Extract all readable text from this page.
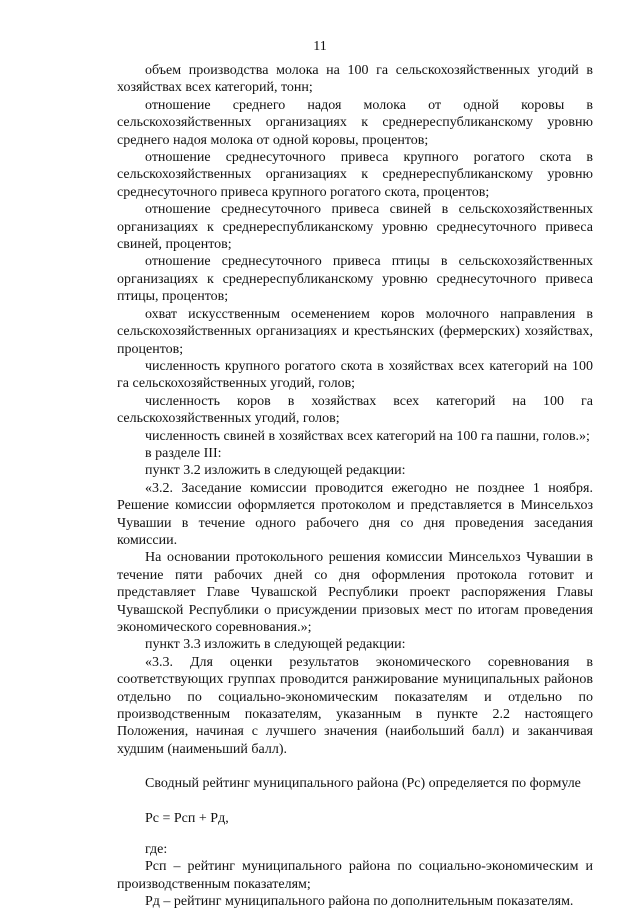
11

объем производства молока на 100 га сельскохозяйственных угодий в хозяйствах всех категорий, тонн;

отношение среднего надоя молока от одной коровы в сельскохозяйственных организациях к среднереспубликанскому уровню среднего надоя молока от одной коровы, процентов;

отношение среднесуточного привеса крупного рогатого скота в сельскохозяйственных организациях к среднереспубликанскому уровню среднесуточного привеса крупного рогатого скота, процентов;

отношение среднесуточного привеса свиней в сельскохозяйственных организациях к среднереспубликанскому уровню среднесуточного привеса свиней, процентов;

отношение среднесуточного привеса птицы в сельскохозяйственных организациях к среднереспубликанскому уровню среднесуточного привеса птицы, процентов;

охват искусственным осеменением коров молочного направления в сельскохозяйственных организациях и крестьянских (фермерских) хозяйствах, процентов;

численность крупного рогатого скота в хозяйствах всех категорий на 100 га сельскохозяйственных угодий, голов;

численность коров в хозяйствах всех категорий на 100 га сельскохозяйственных угодий, голов;

численность свиней в хозяйствах всех категорий на 100 га пашни, голов.»;

в разделе III:

пункт 3.2 изложить в следующей редакции:

«3.2. Заседание комиссии проводится ежегодно не позднее 1 ноября. Решение комиссии оформляется протоколом и представляется в Минсельхоз Чувашии в течение одного рабочего дня со дня проведения заседания комиссии.

На основании протокольного решения комиссии Минсельхоз Чувашии в течение пяти рабочих дней со дня оформления протокола готовит и представляет Главе Чувашской Республики проект распоряжения Главы Чувашской Республики о присуждении призовых мест по итогам проведения экономического соревнования.»;

пункт 3.3 изложить в следующей редакции:

«3.3. Для оценки результатов экономического соревнования в соответствующих группах проводится ранжирование муниципальных районов отдельно по социально-экономическим показателям и отдельно по производственным показателям, указанным в пункте 2.2 настоящего Положения, начиная с лучшего значения (наибольший балл) и заканчивая худшим (наименьший балл).

Сводный рейтинг муниципального района (Pс) определяется по формуле

Pс = Pсп + Pд,

где:

Pсп – рейтинг муниципального района по социально-экономическим и производственным показателям;

Pд – рейтинг муниципального района по дополнительным показателям.
